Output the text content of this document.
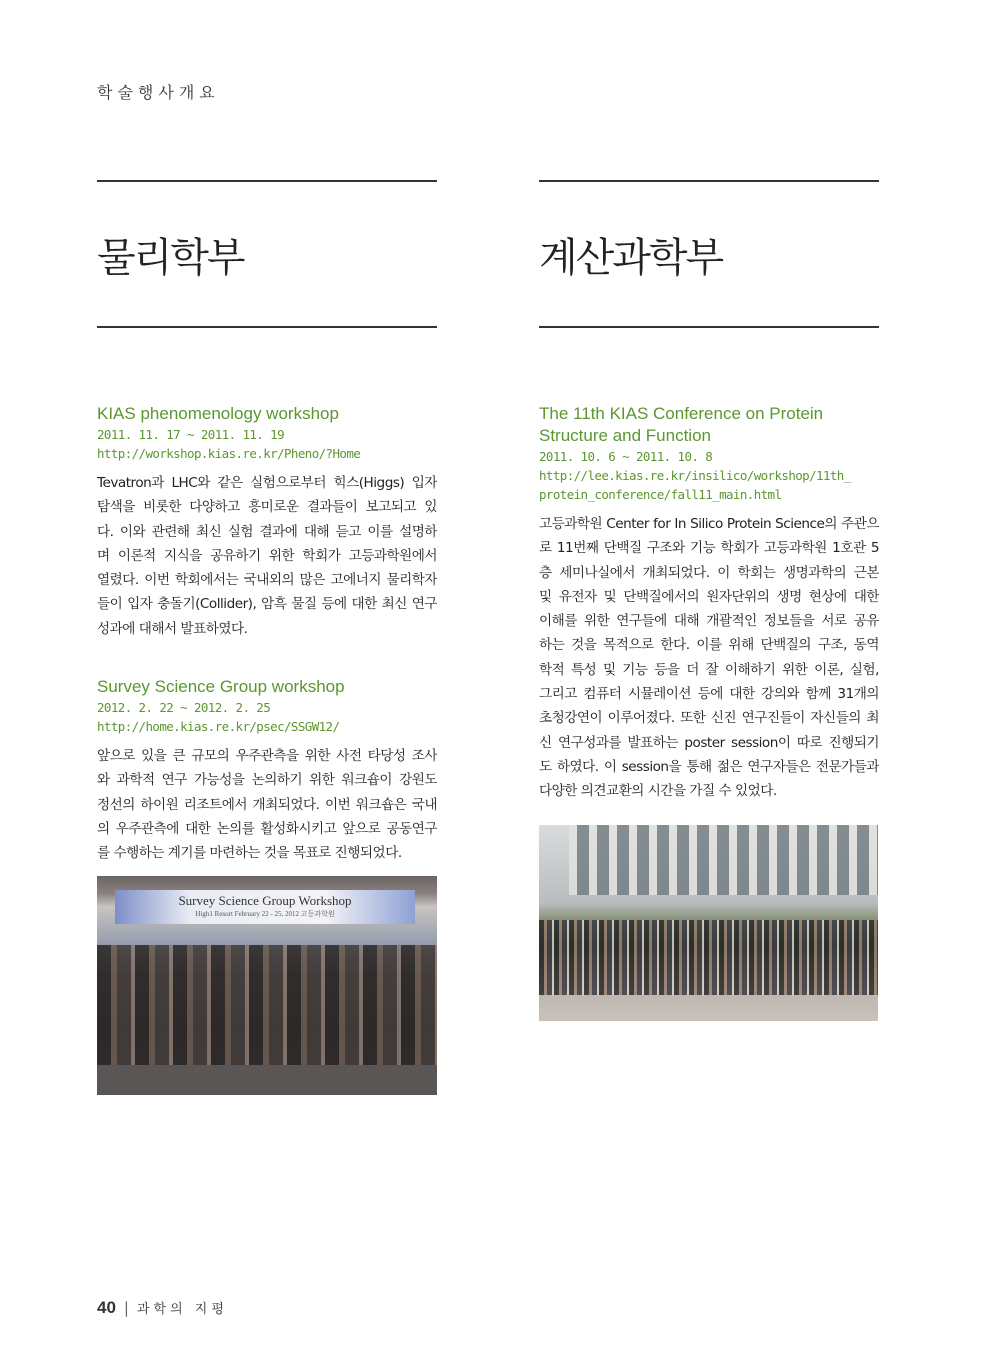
학술행사개요
물리학부	계산과학부
KIAS phenomenology workshop
2011. 11. 17 ~ 2011. 11. 19
http://workshop.kias.re.kr/Pheno/?Home
Tevatron과 LHC와 같은 실험으로부터 힉스(Higgs) 입자
탐색을 비롯한 다양하고 흥미로운 결과들이 보고되고 있
다. 이와 관련해 최신 실험 결과에 대해 듣고 이를 설명하
며 이론적 지식을 공유하기 위한 학회가 고등과학원에서
열렸다. 이번 학회에서는 국내외의 많은 고에너지 물리학자
들이 입자 충돌기(Collider), 암흑 물질 등에 대한 최신 연구
성과에 대해서 발표하였다.
Survey Science Group workshop
2012. 2. 22 ~ 2012. 2. 25
http://home.kias.re.kr/psec/SSGW12/
앞으로 있을 큰 규모의 우주관측을 위한 사전 타당성 조사
와 과학적 연구 가능성을 논의하기 위한 워크숍이 강원도
정선의 하이원 리조트에서 개최되었다. 이번 워크숍은 국내
의 우주관측에 대한 논의를 활성화시키고 앞으로 공동연구
를 수행하는 계기를 마련하는 것을 목표로 진행되었다.
The 11th KIAS Conference on Protein
Structure and Function
2011. 10. 6 ~ 2011. 10. 8
http://lee.kias.re.kr/insilico/workshop/11th_
protein_conference/fall11_main.html
고등과학원 Center for In Silico Protein Science의 주관으
로 11번째 단백질 구조와 기능 학회가 고등과학원 1호관 5
층 세미나실에서 개최되었다. 이 학회는 생명과학의 근본
및 유전자 및 단백질에서의 원자단위의 생명 현상에 대한
이해를 위한 연구들에 대해 개괄적인 정보들을 서로 공유
하는 것을 목적으로 한다. 이를 위해 단백질의 구조, 동역
학적 특성 및 기능 등을 더 잘 이해하기 위한 이론, 실험,
그리고 컴퓨터 시뮬레이션 등에 대한 강의와 함께 31개의
초청강연이 이루어졌다. 또한 신진 연구진들이 자신들의 최
신 연구성과를 발표하는 poster session이 따로 진행되기
도 하였다. 이 session을 통해 젊은 연구자들은 전문가들과
다양한 의견교환의 시간을 가질 수 있었다.
Survey Science Group Workshop
High1 Resort February 22 - 25, 2012 고등과학원
40 | 과학의 지평
